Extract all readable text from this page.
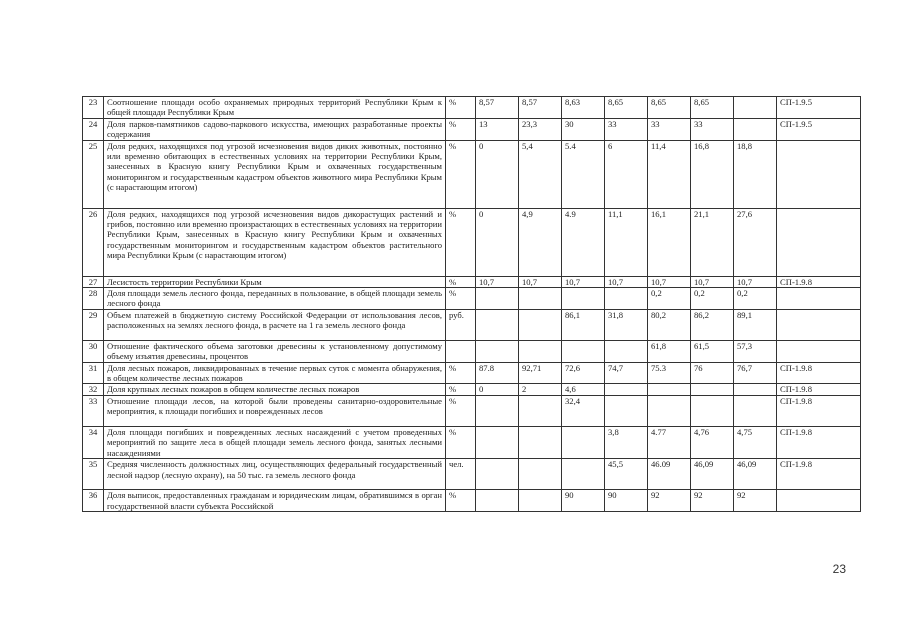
23	Соотношение площади особо охраняемых природных территорий Республики Крым к общей площади Республики Крым	%	8,57	8,57	8,63	8,65	8,65	8,65		СП-1.9.5
24	Доля парков-памятников садово-паркового искусства, имеющих разработанные проекты содержания	%	13	23,3	30	33	33	33		СП-1.9.5
25	Доля редких, находящихся под угрозой исчезновения видов диких животных, постоянно или временно обитающих в естественных условиях на территории Республики Крым, занесенных в Красную книгу Республики Крым и охваченных государственным мониторингом и государственным кадастром объектов животного мира Республики Крым (с нарастающим итогом)	%	0	5,4	5.4	6	11,4	16,8	18,8	
26	Доля редких, находящихся под угрозой исчезновения видов дикорастущих растений и грибов, постоянно или временно произрастающих в естественных условиях на территории Республики Крым, занесенных в Красную книгу Республики Крым и охваченных государственным мониторингом и государственным кадастром объектов растительного мира Республики Крым (с нарастающим итогом)	%	0	4,9	4.9	11,1	16,1	21,1	27,6	
27	Лесистость территории Республики Крым	%	10,7	10,7	10,7	10,7	10,7	10,7	10,7	СП-1.9.8
28	Доля площади земель лесного фонда, переданных в пользование, в общей площади земель лесного фонда	%					0,2	0,2	0,2	
29	Объем платежей в бюджетную систему Российской Федерации от использования лесов, расположенных на землях лесного фонда, в расчете на 1 га земель лесного фонда	руб.			86,1	31,8	80,2	86,2	89,1	
30	Отношение фактического объема заготовки древесины к установленному допустимому объему изъятия древесины, процентов						61,8	61,5	57,3	
31	Доля лесных пожаров, ликвидированных в течение первых суток с момента обнаружения, в общем количестве лесных пожаров	%	87.8	92,71	72,6	74,7	75.3	76	76,7	СП-1.9.8
32	Доля крупных лесных пожаров в общем количестве лесных пожаров	%	0	2	4,6					СП-1.9.8
33	Отношение площади лесов, на которой были проведены санитарно-оздоровительные мероприятия, к площади погибших и поврежденных лесов	%			32,4					СП-1.9.8
34	Доля площади погибших и поврежденных лесных насаждений с учетом проведенных мероприятий по защите леса в общей площади земель лесного фонда, занятых лесными насаждениями	%				3,8	4.77	4,76	4,75	СП-1.9.8
35	Средняя численность должностных лиц, осуществляющих федеральный государственный лесной надзор (лесную охрану), на 50 тыс. га земель лесного фонда	чел.				45,5	46.09	46,09	46,09	СП-1.9.8
36	Доля выписок, предоставленных гражданам и юридическим лицам, обратившимся в орган государственной власти субъекта Российской	%			90	90	92	92	92	
23
